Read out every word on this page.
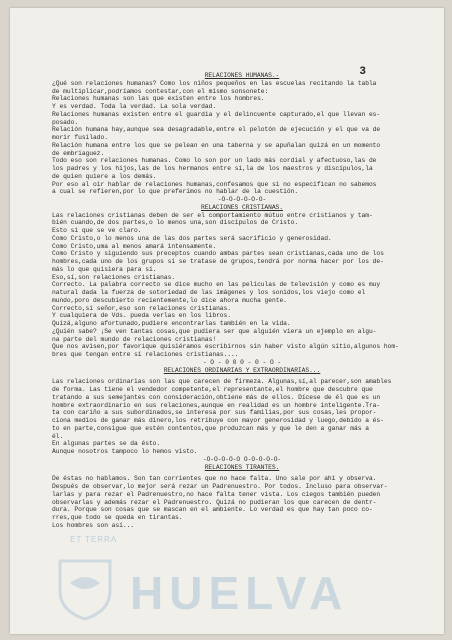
3
RELACIONES HUMANAS.-
¿Qué son relaciones humanas? Como los niños pequeños en las escuelas recitando la tabla
de multiplicar,podríamos contestar,con el mismo sonsonete:
Relaciones humanas son las que existen entre los hombres.
Y es verdad. Toda la verdad. La sola verdad.
Relaciones humanas existen entre el guardia y el delincuente capturado,el que llevan es-
posado.
Relación humana hay,aunque sea desagradable,entre el pelotón de ejecución y el que va de
morir fusilado.
Relación humana entre los que se pelean en una taberna y se apuñalan quizá en un momento
de embriaguez.
Todo eso son relaciones humanas. Como lo son por un lado más cordial y afectuoso,las de
los padres y los hijos,las de los hermanos entre sí,la de los maestros y discípulos,la
de quien quiere a los demás.
Por eso al oir hablar de relaciones humanas,confesamos que si no especifican no sabemos
a cual se refieren,por lo que preferimos no hablar de la cuestión.
-O-O-O-O-O-O-
RELACIONES CRISTIANAS.
Las relaciones cristianas deben de ser el comportamiento mútuo entre cristianos y tam-
bién cuando,de dos partes,o lo menos una,son discípulos de Cristo.
Esto sí que se ve claro.
Como Cristo,o lo menos una de las dos partes será sacrificio y generosidad.
Como Cristo,uma al menos amará intensamente.
Como Cristo y siguiendo sus preceptos cuando ambas partes sean cristianas,cada uno de los
hombres,cada uno de los grupos si se tratase de grupos,tendrá por norma hacer por los de-
más lo que quisiera para sí.
Eso,sí,son relaciones cristianas.
Correcto. La palabra correcto se dice mucho en las películas de televisión y como es muy
natural dada la fuerza de sotoriedad de las imágenes y los sonidos,los viejo como el
mundo,poro descubierto recientemente,lo dice ahora mucha gente.
Correcto,sí señor,eso son relaciones cristianas.
Y cualquiera de Vds. pueda verlas en los libros.
Quizá,alguno afortunado,pudiere encontrarlas también en la vida.
¿Quién sabe? ¡Se ven tantas cosas,que pudiera ser que alguién viera un ejemplo en algu-
na parte del mundo de relaciones cristianas!
Que nos avisen,por favorique quisiéramos escribirnos sin haber visto algún sitio,algunos hom-
bres que tengan entre sí relaciones cristianas....
- O - 0 0 0 - 0 - O -
RELACIONES ORDINARIAS Y EXTRAORDINARIAS...
Las relaciones ordinarias son las que carecen de firmeza. Algunas,sí,al parecer,son amables
de forma. Las tiene el vendedor competente,el representante,el hombre que descubre que
tratando a sus semejantes con consideración,obtiene más de ellos. Dícese de él que es un
hombre extraordinario en sus relaciones,aunque en realidad es un hombre inteligente.Tra-
ta con cariño a sus subordinados,se interesa por sus familias,por sus cosas,les propor-
ciona medios de ganar más dinero,los retribuye con mayor generosidad y luego,debido a és-
to en parte,consigue que estén contentos,que produzcan más y que le den a ganar más a
él.
En algunas partes se da ésto.
Aunque nosotros tampoco lo hemos visto.
-O-O-O-O-O O-O-O-O-O-
RELACIONES TIRANTES.
De éstas no hablamos. Son tan corrientes que no hace falta. Uno sale por ahí y observa.
Después de observar,lo mejor será rezar un Padrenuestro. Por todos. Incluso para observar-
larlas y para rezar el Padrenuestro,no hace falta tener vista. Los ciegos también pueden
observarlas y además rezar el Padrenuestro. Quizá no pudieran los que carecen de dentr-
dura. Porque son cosas que se mascan en el ambiente. Lo verdad es que hay tan poco co-
rres,que todo se queda en tirantas.
Los hombres son así...
ET TERRA
HUELVA
